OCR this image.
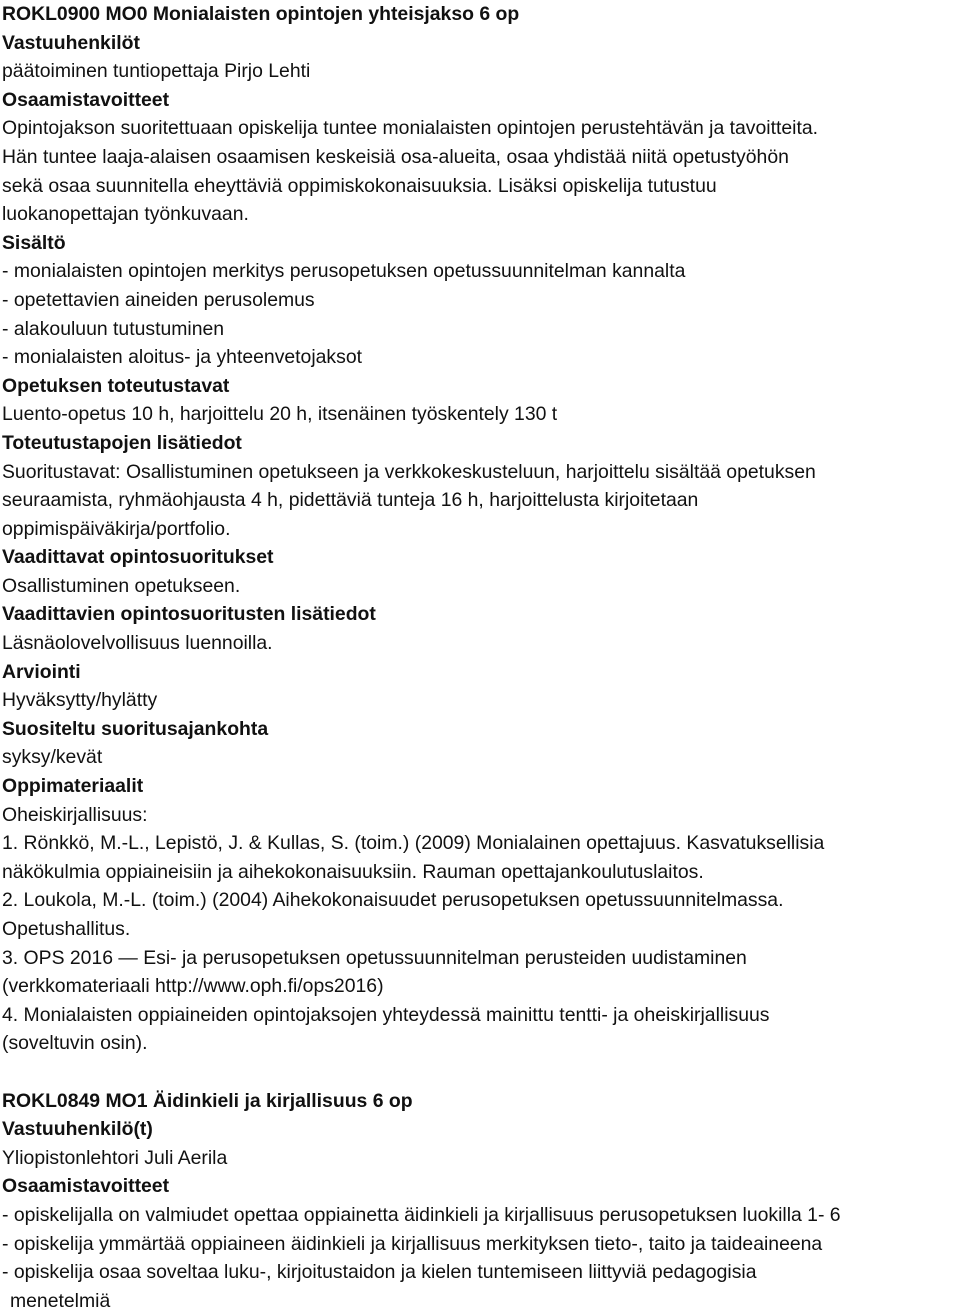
ROKL0900 MO0 Monialaisten opintojen yhteisjakso 6 op
Vastuuhenkilöt
päätoiminen tuntiopettaja Pirjo Lehti
Osaamistavoitteet
Opintojakson suoritettuaan opiskelija tuntee monialaisten opintojen perustehtävän ja tavoitteita.
Hän tuntee laaja-alaisen osaamisen keskeisiä osa-alueita, osaa yhdistää niitä opetustyöhön
sekä osaa suunnitella eheyttäviä oppimiskokonaisuuksia. Lisäksi opiskelija tutustuu
luokanopettajan työnkuvaan.
Sisältö
- monialaisten opintojen merkitys perusopetuksen opetussuunnitelman kannalta
- opetettavien aineiden perusolemus
- alakouluun tutustuminen
- monialaisten aloitus- ja yhteenvetojaksot
Opetuksen toteutustavat
Luento-opetus 10 h, harjoittelu 20 h, itsenäinen työskentely 130 t
Toteutustapojen lisätiedot
Suoritustavat: Osallistuminen opetukseen ja verkkokeskusteluun, harjoittelu sisältää opetuksen
seuraamista, ryhmäohjausta 4 h, pidettäviä tunteja 16 h, harjoittelusta kirjoitetaan
oppimispäiväkirja/portfolio.
Vaadittavat opintosuoritukset
Osallistuminen opetukseen.
Vaadittavien opintosuoritusten lisätiedot
Läsnäolovelvollisuus luennoilla.
Arviointi
Hyväksytty/hylätty
Suositeltu suoritusajankohta
syksy/kevät
Oppimateriaalit
Oheiskirjallisuus:
1. Rönkkö, M.-L., Lepistö, J. & Kullas, S. (toim.) (2009) Monialainen opettajuus. Kasvatuksellisia
näkökulmia oppiaineisiin ja aihekokonaisuuksiin. Rauman opettajankoulutuslaitos.
2. Loukola, M.-L. (toim.) (2004) Aihekokonaisuudet perusopetuksen opetussuunnitelmassa.
Opetushallitus.
3. OPS 2016 — Esi- ja perusopetuksen opetussuunnitelman perusteiden uudistaminen
(verkkomateriaali http://www.oph.fi/ops2016)
4. Monialaisten oppiaineiden opintojaksojen yhteydessä mainittu tentti- ja oheiskirjallisuus
(soveltuvin osin).
ROKL0849 MO1 Äidinkieli ja kirjallisuus 6 op
Vastuuhenkilö(t)
Yliopistonlehtori Juli Aerila
Osaamistavoitteet
- opiskelijalla on valmiudet opettaa oppiainetta äidinkieli ja kirjallisuus perusopetuksen luokilla 1- 6
- opiskelija ymmärtää oppiaineen äidinkieli ja kirjallisuus merkityksen tieto-, taito ja taideaineena
- opiskelija osaa soveltaa luku-, kirjoitustaidon ja kielen tuntemiseen liittyviä pedagogisia
menetelmiä
